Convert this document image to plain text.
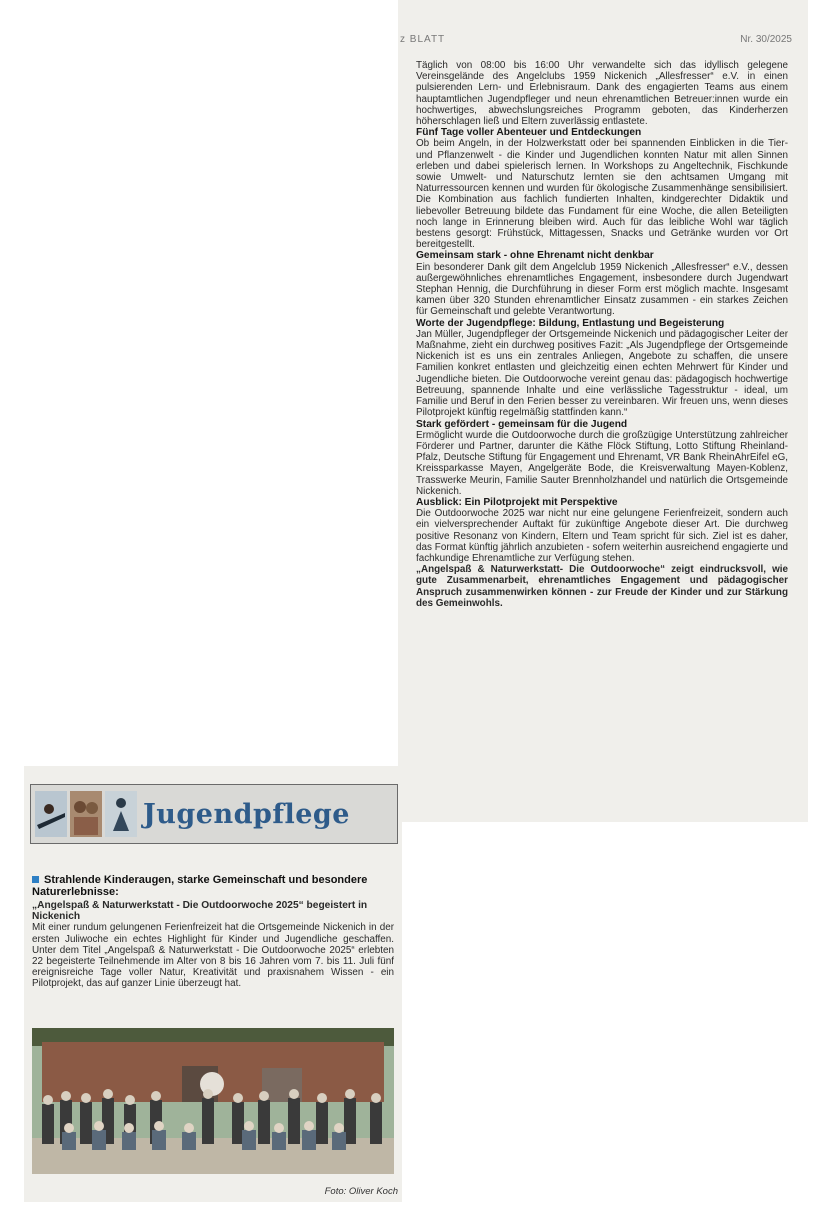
z BLATT	Nr. 30/2025

Täglich von 08:00 bis 16:00 Uhr verwandelte sich das idyllisch gelegene Vereinsgelände des Angelclubs 1959 Nickenich „Allesfresser“ e.V. in einen pulsierenden Lern- und Erlebnisraum. Dank des engagierten Teams aus einem hauptamtlichen Jugendpfleger und neun ehrenamtlichen Betreuer:innen wurde ein hochwertiges, abwechslungsreiches Programm geboten, das Kinderherzen höherschlagen ließ und Eltern zuverlässig entlastete.

Fünf Tage voller Abenteuer und Entdeckungen

Ob beim Angeln, in der Holzwerkstatt oder bei spannenden Einblicken in die Tier- und Pflanzenwelt - die Kinder und Jugendlichen konnten Natur mit allen Sinnen erleben und dabei spielerisch lernen. In Workshops zu Angeltechnik, Fischkunde sowie Umwelt- und Naturschutz lernten sie den achtsamen Umgang mit Naturressourcen kennen und wurden für ökologische Zusammenhänge sensibilisiert. Die Kombination aus fachlich fundierten Inhalten, kindgerechter Didaktik und liebevoller Betreuung bildete das Fundament für eine Woche, die allen Beteiligten noch lange in Erinnerung bleiben wird. Auch für das leibliche Wohl war täglich bestens gesorgt: Frühstück, Mittagessen, Snacks und Getränke wurden vor Ort bereitgestellt.

Gemeinsam stark - ohne Ehrenamt nicht denkbar

Ein besonderer Dank gilt dem Angelclub 1959 Nickenich „Allesfresser“ e.V., dessen außergewöhnliches ehrenamtliches Engagement, insbesondere durch Jugendwart Stephan Hennig, die Durchführung in dieser Form erst möglich machte. Insgesamt kamen über 320 Stunden ehrenamtlicher Einsatz zusammen - ein starkes Zeichen für Gemeinschaft und gelebte Verantwortung.

Worte der Jugendpflege: Bildung, Entlastung und Begeisterung

Jan Müller, Jugendpfleger der Ortsgemeinde Nickenich und pädagogischer Leiter der Maßnahme, zieht ein durchweg positives Fazit: „Als Jugendpflege der Ortsgemeinde Nickenich ist es uns ein zentrales Anliegen, Angebote zu schaffen, die unsere Familien konkret entlasten und gleichzeitig einen echten Mehrwert für Kinder und Jugendliche bieten. Die Outdoorwoche vereint genau das: pädagogisch hochwertige Betreuung, spannende Inhalte und eine verlässliche Tagesstruktur - ideal, um Familie und Beruf in den Ferien besser zu vereinbaren. Wir freuen uns, wenn dieses Pilotprojekt künftig regelmäßig stattfinden kann.“

Stark gefördert - gemeinsam für die Jugend

Ermöglicht wurde die Outdoorwoche durch die großzügige Unterstützung zahlreicher Förderer und Partner, darunter die Käthe Flöck Stiftung, Lotto Stiftung Rheinland-Pfalz, Deutsche Stiftung für Engagement und Ehrenamt, VR Bank RheinAhrEifel eG, Kreissparkasse Mayen, Angelgeräte Bode, die Kreisverwaltung Mayen-Koblenz, Trasswerke Meurin, Familie Sauter Brennholzhandel und natürlich die Ortsgemeinde Nickenich.

Ausblick: Ein Pilotprojekt mit Perspektive

Die Outdoorwoche 2025 war nicht nur eine gelungene Ferienfreizeit, sondern auch ein vielversprechender Auftakt für zukünftige Angebote dieser Art. Die durchweg positive Resonanz von Kindern, Eltern und Team spricht für sich. Ziel ist es daher, das Format künftig jährlich anzubieten - sofern weiterhin ausreichend engagierte und fachkundige Ehrenamtliche zur Verfügung stehen.

„Angelspaß & Naturwerkstatt- Die Outdoorwoche“ zeigt eindrucksvoll, wie gute Zusammenarbeit, ehrenamtliches Engagement und pädagogischer Anspruch zusammenwirken können - zur Freude der Kinder und zur Stärkung des Gemeinwohls.

Jugendpflege
Strahlende Kinderaugen, starke Gemeinschaft und besondere Naturerlebnisse:
„Angelspaß & Naturwerkstatt - Die Outdoorwoche 2025“ begeistert in Nickenich

Mit einer rundum gelungenen Ferienfreizeit hat die Ortsgemeinde Nickenich in der ersten Juliwoche ein echtes Highlight für Kinder und Jugendliche geschaffen. Unter dem Titel „Angelspaß & Naturwerkstatt - Die Outdoorwoche 2025“ erlebten 22 begeisterte Teilnehmende im Alter von 8 bis 16 Jahren vom 7. bis 11. Juli fünf ereignisreiche Tage voller Natur, Kreativität und praxisnahem Wissen - ein Pilotprojekt, das auf ganzer Linie überzeugt hat.

Foto: Oliver Koch
